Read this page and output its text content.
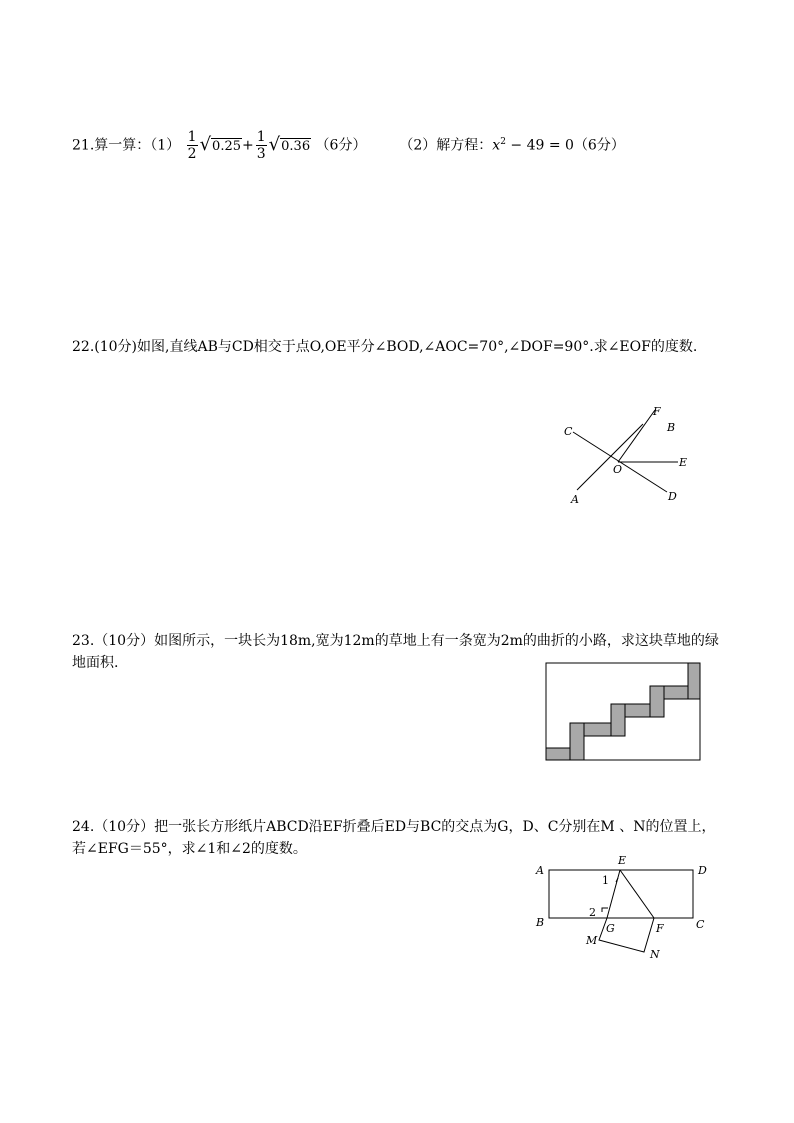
21.算一算：$(1) \frac{1}{2} √0.25+ \frac{1}{3} √0.36$ （6分） （2）解方程：$x^2 - 49 = 0(6$分）
22.(10分)如图,直线AB与CD相交于点O,OE平分∠BOD,∠AOC=70°,∠DOF=90°.求∠EOF的度数.
C
A
F
B
E
O
D
23.（10分）如图所示，一块长为18m,宽为12m的草地上有一条宽为2m的曲折的小路，求这块草地的绿地面积.
24.（10分）把一张长方形纸片ABCD沿EF折叠后ED与BC的交点为G，D、C分别在M 、N的位置上，若∠EFG＝55°，求∠1和∠2的度数。
A
E
D
1
2
B	G	F	C
M
N
